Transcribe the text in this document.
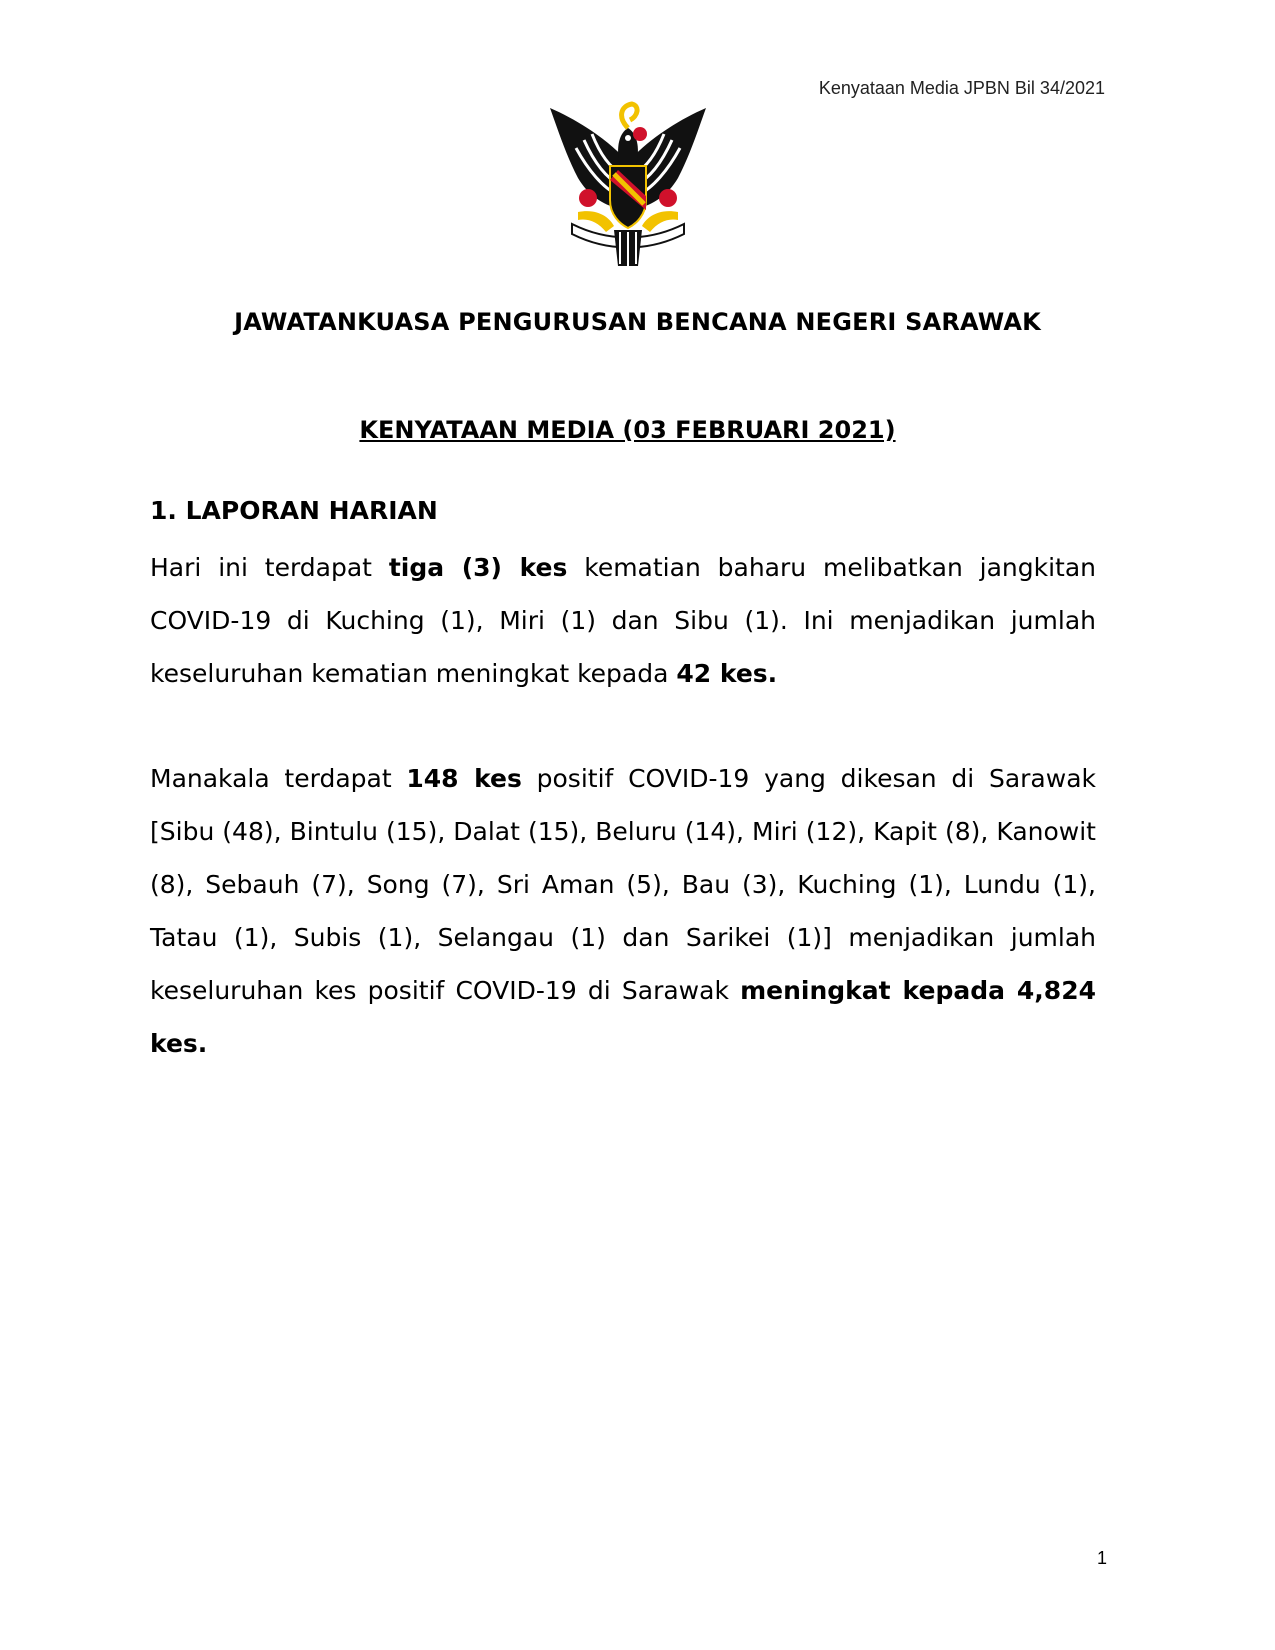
Kenyataan Media JPBN Bil 34/2021
JAWATANKUASA PENGURUSAN BENCANA NEGERI SARAWAK
KENYATAAN MEDIA (03 FEBRUARI 2021)
1. LAPORAN HARIAN

Hari ini terdapat tiga (3) kes kematian baharu melibatkan jangkitan COVID-19 di Kuching (1), Miri (1) dan Sibu (1). Ini menjadikan jumlah keseluruhan kematian meningkat kepada 42 kes.

Manakala terdapat 148 kes positif COVID-19 yang dikesan di Sarawak [Sibu (48), Bintulu (15), Dalat (15), Beluru (14), Miri (12), Kapit (8), Kanowit (8), Sebauh (7), Song (7), Sri Aman (5), Bau (3), Kuching (1), Lundu (1), Tatau (1), Subis (1), Selangau (1) dan Sarikei (1)] menjadikan jumlah keseluruhan kes positif COVID-19 di Sarawak meningkat kepada 4,824 kes.

1
